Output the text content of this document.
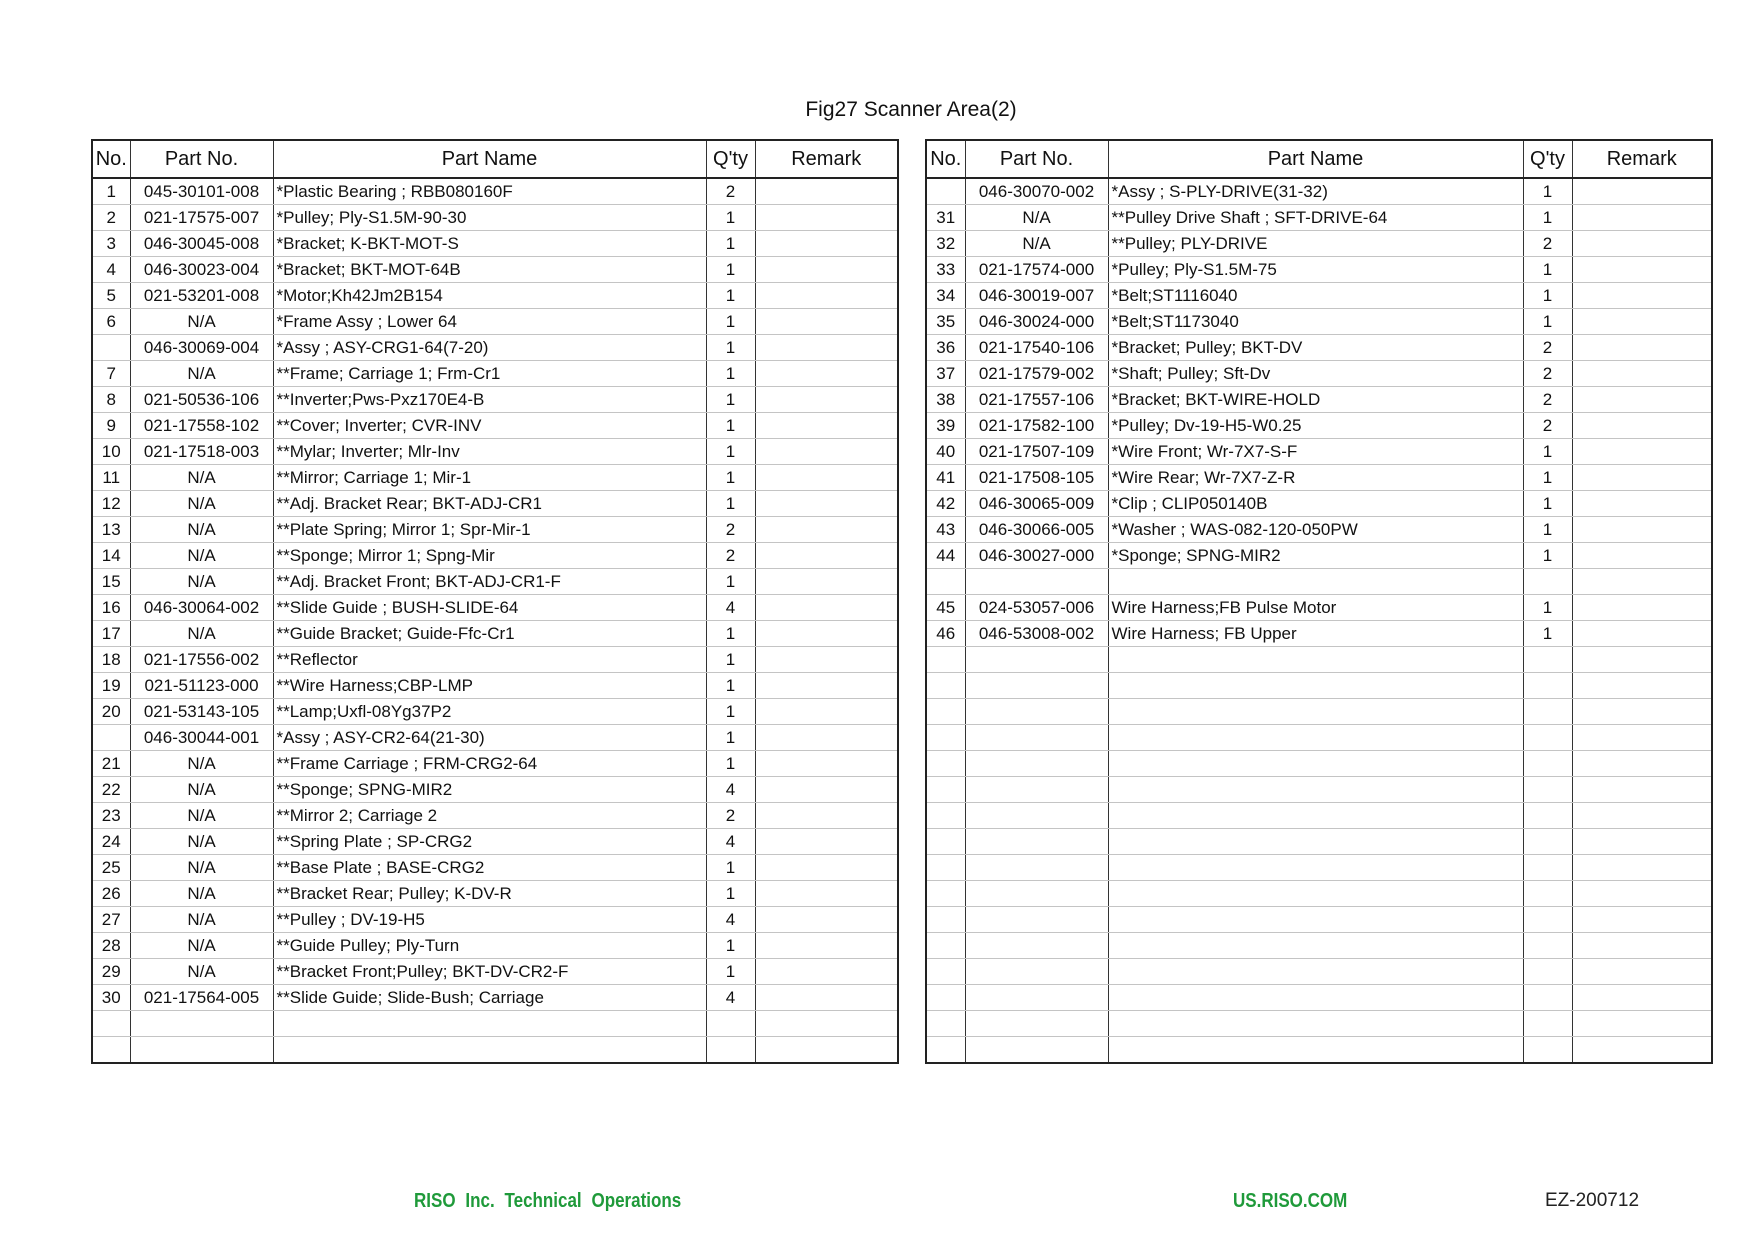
Fig27 Scanner Area(2)
No.	Part No.	Part Name	Q'ty	Remark
1	045-30101-008	*Plastic Bearing ; RBB080160F	2	
2	021-17575-007	*Pulley; Ply-S1.5M-90-30	1	
3	046-30045-008	*Bracket; K-BKT-MOT-S	1	
4	046-30023-004	*Bracket; BKT-MOT-64B	1	
5	021-53201-008	*Motor;Kh42Jm2B154	1	
6	N/A	*Frame Assy ; Lower 64	1	
	046-30069-004	*Assy ; ASY-CRG1-64(7-20)	1	
7	N/A	**Frame; Carriage 1; Frm-Cr1	1	
8	021-50536-106	**Inverter;Pws-Pxz170E4-B	1	
9	021-17558-102	**Cover; Inverter; CVR-INV	1	
10	021-17518-003	**Mylar; Inverter; Mlr-Inv	1	
11	N/A	**Mirror; Carriage 1; Mir-1	1	
12	N/A	**Adj. Bracket Rear; BKT-ADJ-CR1	1	
13	N/A	**Plate Spring; Mirror 1; Spr-Mir-1	2	
14	N/A	**Sponge; Mirror 1; Spng-Mir	2	
15	N/A	**Adj. Bracket Front; BKT-ADJ-CR1-F	1	
16	046-30064-002	**Slide Guide ; BUSH-SLIDE-64	4	
17	N/A	**Guide Bracket; Guide-Ffc-Cr1	1	
18	021-17556-002	**Reflector	1	
19	021-51123-000	**Wire Harness;CBP-LMP	1	
20	021-53143-105	**Lamp;Uxfl-08Yg37P2	1	
	046-30044-001	*Assy ; ASY-CR2-64(21-30)	1	
21	N/A	**Frame Carriage ; FRM-CRG2-64	1	
22	N/A	**Sponge; SPNG-MIR2	4	
23	N/A	**Mirror 2; Carriage 2	2	
24	N/A	**Spring Plate ; SP-CRG2	4	
25	N/A	**Base Plate ; BASE-CRG2	1	
26	N/A	**Bracket Rear; Pulley; K-DV-R	1	
27	N/A	**Pulley ; DV-19-H5	4	
28	N/A	**Guide Pulley; Ply-Turn	1	
29	N/A	**Bracket Front;Pulley; BKT-DV-CR2-F	1	
30	021-17564-005	**Slide Guide; Slide-Bush; Carriage	4	

No.	Part No.	Part Name	Q'ty	Remark
	046-30070-002	*Assy ; S-PLY-DRIVE(31-32)	1	
31	N/A	**Pulley Drive Shaft ; SFT-DRIVE-64	1	
32	N/A	**Pulley; PLY-DRIVE	2	
33	021-17574-000	*Pulley; Ply-S1.5M-75	1	
34	046-30019-007	*Belt;ST1116040	1	
35	046-30024-000	*Belt;ST1173040	1	
36	021-17540-106	*Bracket; Pulley; BKT-DV	2	
37	021-17579-002	*Shaft; Pulley; Sft-Dv	2	
38	021-17557-106	*Bracket; BKT-WIRE-HOLD	2	
39	021-17582-100	*Pulley; Dv-19-H5-W0.25	2	
40	021-17507-109	*Wire Front; Wr-7X7-S-F	1	
41	021-17508-105	*Wire Rear; Wr-7X7-Z-R	1	
42	046-30065-009	*Clip ; CLIP050140B	1	
43	046-30066-005	*Washer ; WAS-082-120-050PW	1	
44	046-30027-000	*Sponge; SPNG-MIR2	1	

45	024-53057-006	Wire Harness;FB Pulse Motor	1	
46	046-53008-002	Wire Harness; FB Upper	1	

RISO Inc. Technical Operations	US.RISO.COM	EZ-200712
